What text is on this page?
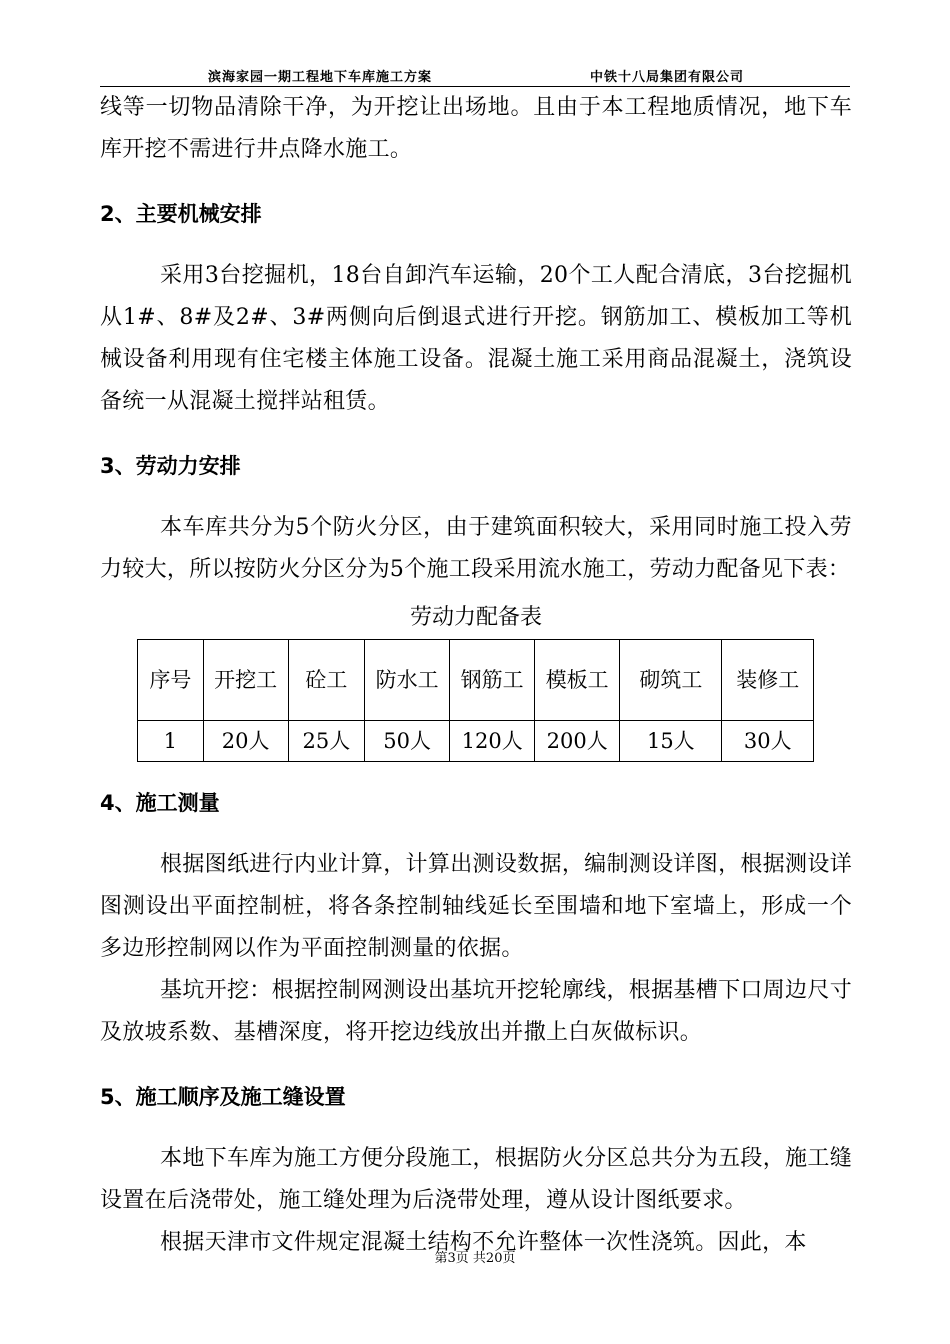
滨海家园一期工程地下车库施工方案	中铁十八局集团有限公司

线等一切物品清除干净，为开挖让出场地。且由于本工程地质情况，地下车库开挖不需进行井点降水施工。

2、主要机械安排

采用3台挖掘机，18台自卸汽车运输，20个工人配合清底，3台挖掘机从1#、8#及2#、3#两侧向后倒退式进行开挖。钢筋加工、模板加工等机械设备利用现有住宅楼主体施工设备。混凝土施工采用商品混凝土，浇筑设备统一从混凝土搅拌站租赁。

3、劳动力安排

本车库共分为5个防火分区，由于建筑面积较大，采用同时施工投入劳力较大，所以按防火分区分为5个施工段采用流水施工，劳动力配备见下表：

劳动力配备表
序号	开挖工	砼工	防水工	钢筋工	模板工	砌筑工	装修工
1	20人	25人	50人	120人	200人	15人	30人
4、施工测量

根据图纸进行内业计算，计算出测设数据，编制测设详图，根据测设详图测设出平面控制桩，将各条控制轴线延长至围墙和地下室墙上，形成一个多边形控制网以作为平面控制测量的依据。

基坑开挖：根据控制网测设出基坑开挖轮廓线，根据基槽下口周边尺寸及放坡系数、基槽深度，将开挖边线放出并撒上白灰做标识。

5、施工顺序及施工缝设置

本地下车库为施工方便分段施工，根据防火分区总共分为五段，施工缝设置在后浇带处，施工缝处理为后浇带处理，遵从设计图纸要求。

根据天津市文件规定混凝土结构不允许整体一次性浇筑。因此，本

第3页 共20页
